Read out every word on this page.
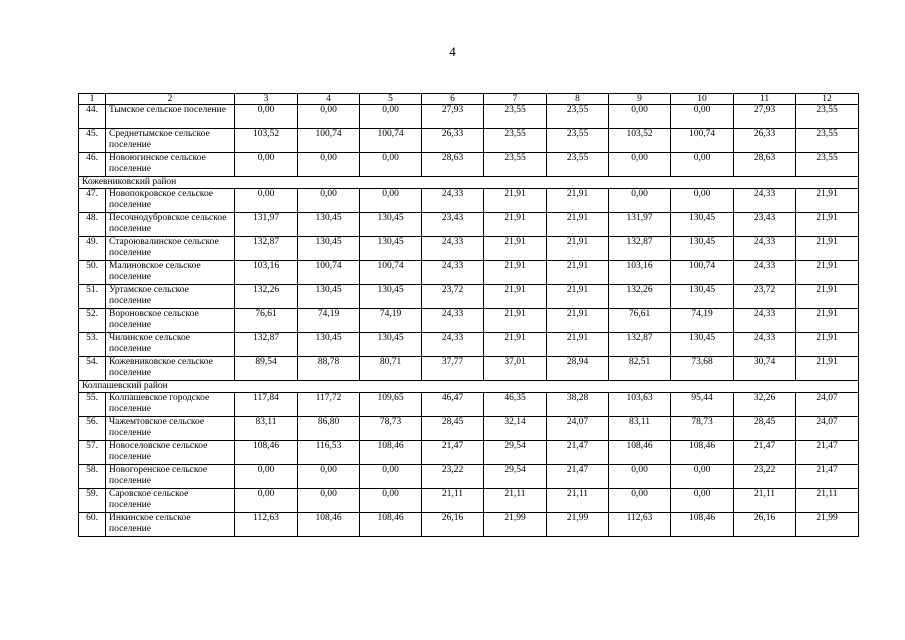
4
1	2	3	4	5	6	7	8	9	10	11	12
44.	Тымское сельское поселение	0,00	0,00	0,00	27,93	23,55	23,55	0,00	0,00	27,93	23,55
45.	Среднетымское сельское поселение	103,52	100,74	100,74	26,33	23,55	23,55	103,52	100,74	26,33	23,55
46.	Новоюгинское сельское поселение	0,00	0,00	0,00	28,63	23,55	23,55	0,00	0,00	28,63	23,55
Кожевниковский район											
47.	Новопокровское сельское поселение	0,00	0,00	0,00	24,33	21,91	21,91	0,00	0,00	24,33	21,91
48.	Песочнодубровское сельское поселение	131,97	130,45	130,45	23,43	21,91	21,91	131,97	130,45	23,43	21,91
49.	Староювалинское сельское поселение	132,87	130,45	130,45	24,33	21,91	21,91	132,87	130,45	24,33	21,91
50.	Малиновское сельское поселение	103,16	100,74	100,74	24,33	21,91	21,91	103,16	100,74	24,33	21,91
51.	Уртамское сельское поселение	132,26	130,45	130,45	23,72	21,91	21,91	132,26	130,45	23,72	21,91
52.	Вороновское сельское поселение	76,61	74,19	74,19	24,33	21,91	21,91	76,61	74,19	24,33	21,91
53.	Чилинское сельское поселение	132,87	130,45	130,45	24,33	21,91	21,91	132,87	130,45	24,33	21,91
54.	Кожевниковское сельское поселение	89,54	88,78	80,71	37,77	37,01	28,94	82,51	73,68	30,74	21,91
Колпашевский район											
55.	Колпашевское городское поселение	117,84	117,72	109,65	46,47	46,35	38,28	103,63	95,44	32,26	24,07
56.	Чажемтовское сельское поселение	83,11	86,80	78,73	28,45	32,14	24,07	83,11	78,73	28,45	24,07
57.	Новоселовское сельское поселение	108,46	116,53	108,46	21,47	29,54	21,47	108,46	108,46	21,47	21,47
58.	Новогоренское сельское поселение	0,00	0,00	0,00	23,22	29,54	21,47	0,00	0,00	23,22	21,47
59.	Саровское сельское поселение	0,00	0,00	0,00	21,11	21,11	21,11	0,00	0,00	21,11	21,11
60.	Инкинское сельское поселение	112,63	108,46	108,46	26,16	21,99	21,99	112,63	108,46	26,16	21,99
